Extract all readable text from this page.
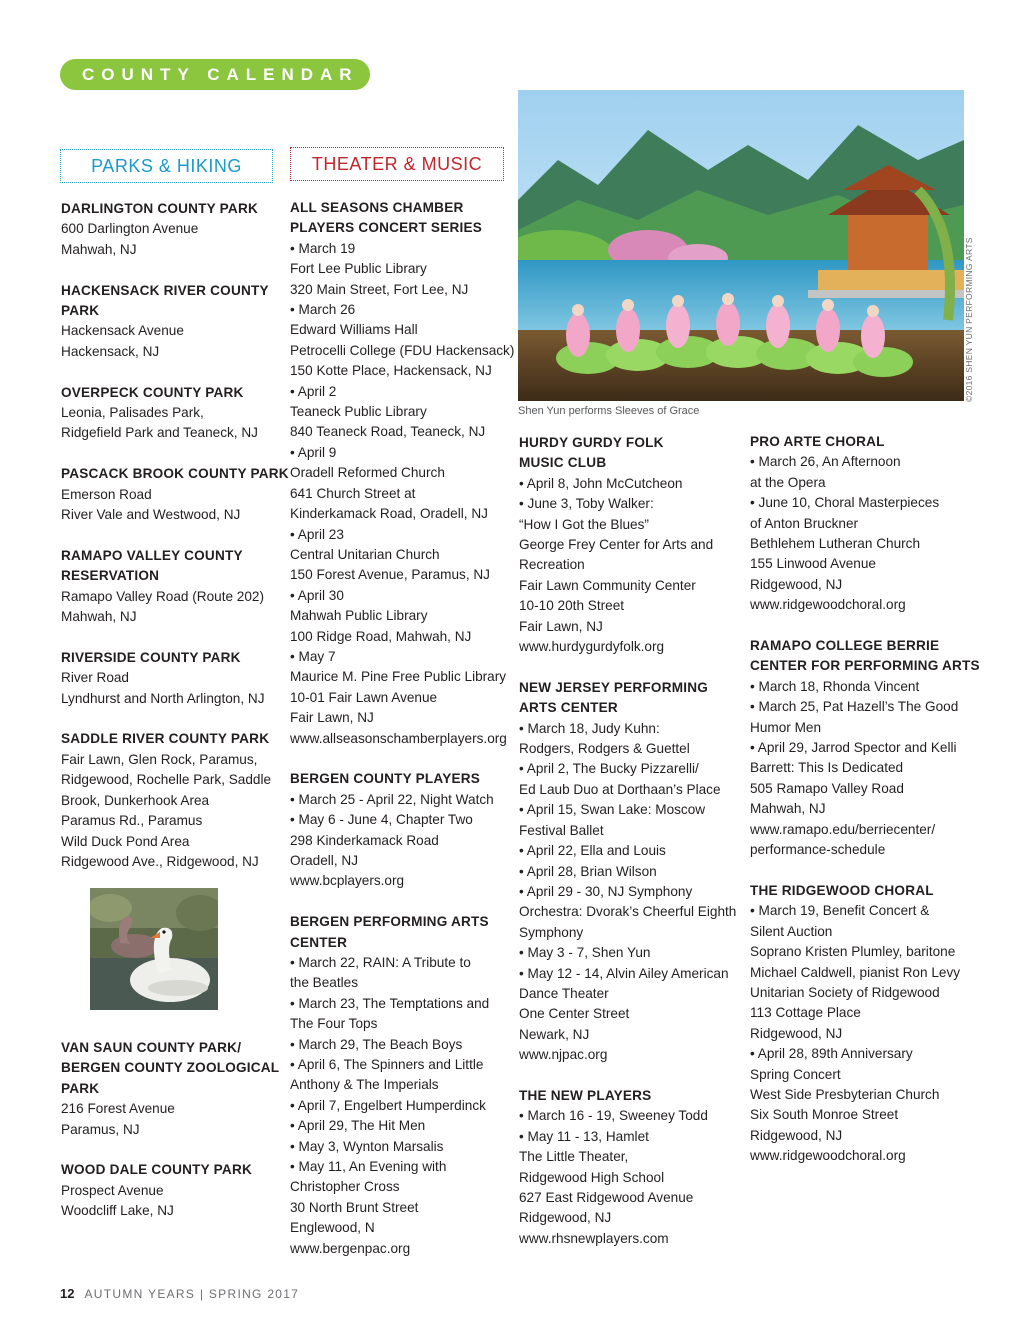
COUNTY CALENDAR
PARKS & HIKING	THEATER & MUSIC

DARLINGTON COUNTY PARK

600 Darlington Avenue

Mahwah, NJ

HACKENSACK RIVER COUNTY

PARK

Hackensack Avenue

Hackensack, NJ

OVERPECK COUNTY PARK

Leonia, Palisades Park,

Ridgefield Park and Teaneck, NJ

PASCACK BROOK COUNTY PARK

Emerson Road

River Vale and Westwood, NJ

RAMAPO VALLEY COUNTY

RESERVATION

Ramapo Valley Road (Route 202)

Mahwah, NJ

RIVERSIDE COUNTY PARK

River Road

Lyndhurst and North Arlington, NJ

SADDLE RIVER COUNTY PARK

Fair Lawn, Glen Rock, Paramus,

Ridgewood, Rochelle Park, Saddle

Brook, Dunkerhook Area

Paramus Rd., Paramus

Wild Duck Pond Area

Ridgewood Ave., Ridgewood, NJ

VAN SAUN COUNTY PARK/

BERGEN COUNTY ZOOLOGICAL

PARK

216 Forest Avenue

Paramus, NJ

WOOD DALE COUNTY PARK

Prospect Avenue

Woodcliff Lake, NJ

ALL SEASONS CHAMBER

PLAYERS CONCERT SERIES

• March 19

Fort Lee Public Library

320 Main Street, Fort Lee, NJ

• March 26

Edward Williams Hall

Petrocelli College (FDU Hackensack)

150 Kotte Place, Hackensack, NJ

• April 2

Teaneck Public Library

840 Teaneck Road, Teaneck, NJ

• April 9

Oradell Reformed Church

641 Church Street at

Kinderkamack Road, Oradell, NJ

• April 23

Central Unitarian Church

150 Forest Avenue, Paramus, NJ

• April 30

Mahwah Public Library

100 Ridge Road, Mahwah, NJ

• May 7

Maurice M. Pine Free Public Library

10-01 Fair Lawn Avenue

Fair Lawn, NJ

www.allseasonschamberplayers.org

BERGEN COUNTY PLAYERS

• March 25 - April 22, Night Watch

• May 6 - June 4, Chapter Two

298 Kinderkamack Road

Oradell, NJ

www.bcplayers.org

BERGEN PERFORMING ARTS

CENTER

• March 22, RAIN: A Tribute to

the Beatles

• March 23, The Temptations and

The Four Tops

• March 29, The Beach Boys

• April 6, The Spinners and Little

Anthony & The Imperials

• April 7, Engelbert Humperdinck

• April 29, The Hit Men

• May 3, Wynton Marsalis

• May 11, An Evening with

Christopher Cross

30 North Brunt Street

Englewood, N

www.bergenpac.org

HURDY GURDY FOLK

MUSIC CLUB

• April 8, John McCutcheon

• June 3, Toby Walker:

“How I Got the Blues”

George Frey Center for Arts and

Recreation

Fair Lawn Community Center

10-10 20th Street

Fair Lawn, NJ

www.hurdygurdyfolk.org

NEW JERSEY PERFORMING

ARTS CENTER

• March 18, Judy Kuhn:

Rodgers, Rodgers & Guettel

• April 2, The Bucky Pizzarelli/

Ed Laub Duo at Dorthaan’s Place

• April 15, Swan Lake: Moscow

Festival Ballet

• April 22, Ella and Louis

• April 28, Brian Wilson

• April 29 - 30, NJ Symphony

Orchestra: Dvorak’s Cheerful Eighth

Symphony

• May 3 - 7, Shen Yun

• May 12 - 14, Alvin Ailey American

Dance Theater

One Center Street

Newark, NJ

www.njpac.org

THE NEW PLAYERS

• March 16 - 19, Sweeney Todd

• May 11 - 13, Hamlet

The Little Theater,

Ridgewood High School

627 East Ridgewood Avenue

Ridgewood, NJ

www.rhsnewplayers.com

PRO ARTE CHORAL

• March 26, An Afternoon

at the Opera

• June 10, Choral Masterpieces

of Anton Bruckner

Bethlehem Lutheran Church

155 Linwood Avenue

Ridgewood, NJ

www.ridgewoodchoral.org

RAMAPO COLLEGE BERRIE

CENTER FOR PERFORMING ARTS

• March 18, Rhonda Vincent

• March 25, Pat Hazell’s The Good

Humor Men

• April 29, Jarrod Spector and Kelli

Barrett: This Is Dedicated

505 Ramapo Valley Road

Mahwah, NJ

www.ramapo.edu/berriecenter/

performance-schedule

THE RIDGEWOOD CHORAL

• March 19, Benefit Concert &

Silent Auction

Soprano Kristen Plumley, baritone

Michael Caldwell, pianist Ron Levy

Unitarian Society of Ridgewood

113 Cottage Place

Ridgewood, NJ

• April 28, 89th Anniversary

Spring Concert

West Side Presbyterian Church

Six South Monroe Street

Ridgewood, NJ

www.ridgewoodchoral.org

Shen Yun performs Sleeves of Grace
©2016 SHEN YUN PERFORMING ARTS
12 AUTUMN YEARS | SPRING 2017
